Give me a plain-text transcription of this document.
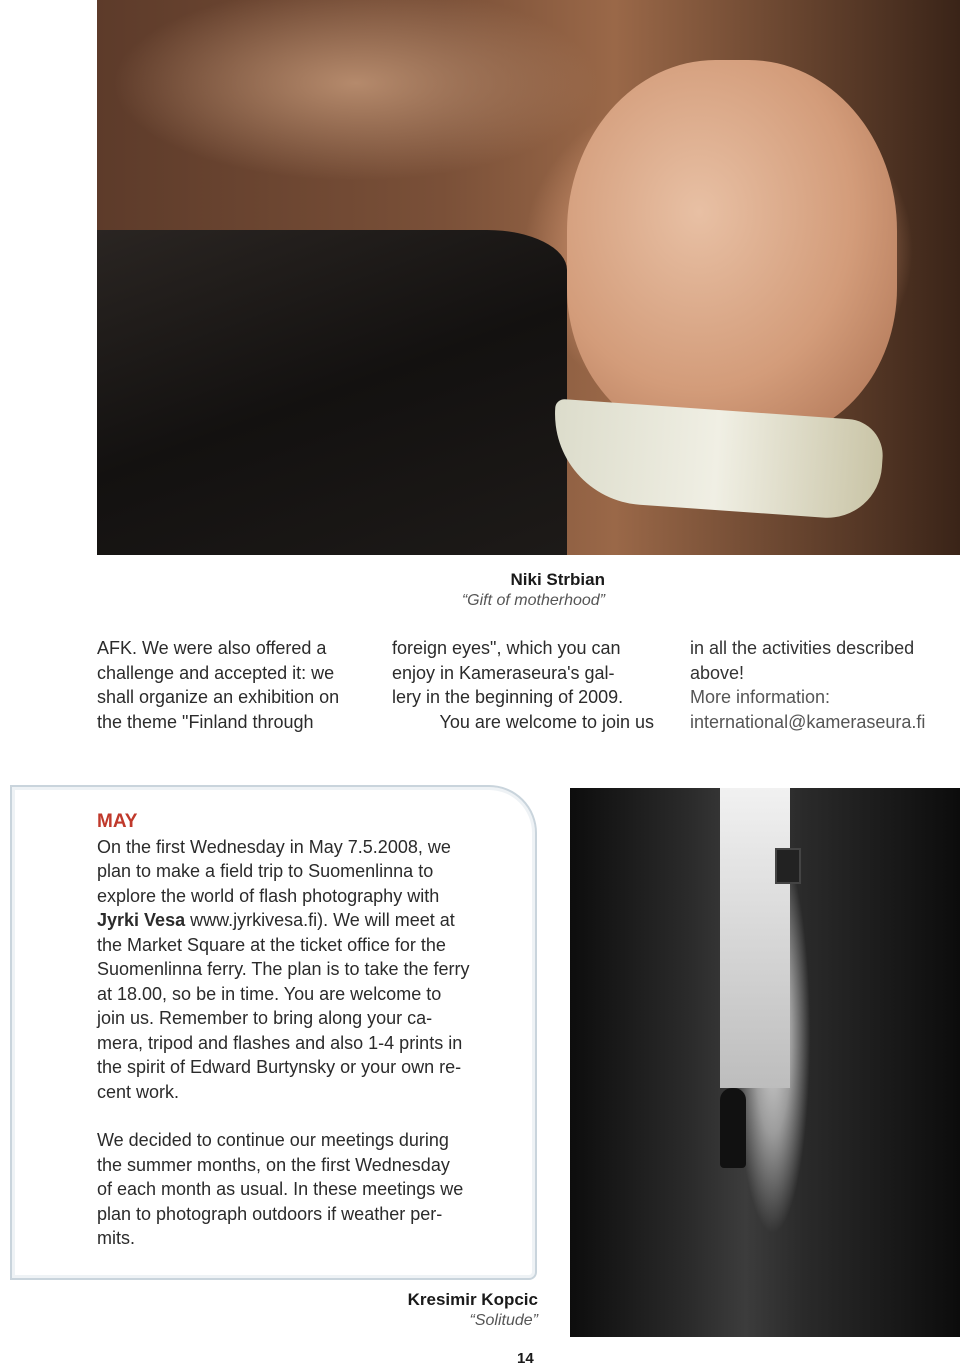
Niki Strbian
“Gift of motherhood”
AFK. We were also offered a
challenge and accepted it: we
shall organize an exhibition on
the theme "Finland through
foreign eyes", which you can
enjoy in Kameraseura's gal-
lery in the beginning of 2009.
You are welcome to join us
in all the activities described
above!
More information:
international@kameraseura.fi
MAY
On the first Wednesday in May 7.5.2008, we
plan to make a field trip to Suomenlinna to
explore the world of flash photography with
Jyrki Vesa www.jyrkivesa.fi). We will meet at
the Market Square at the ticket office for the
Suomenlinna ferry. The plan is to take the ferry
at 18.00, so be in time. You are welcome to
join us. Remember to bring along your ca-
mera, tripod and flashes and also 1-4 prints in
the spirit of Edward Burtynsky or your own re-
cent work.
We decided to continue our meetings during
the summer months, on the first Wednesday
of each month as usual. In these meetings we
plan to photograph outdoors if weather per-
mits.
Kresimir Kopcic
“Solitude”
14
